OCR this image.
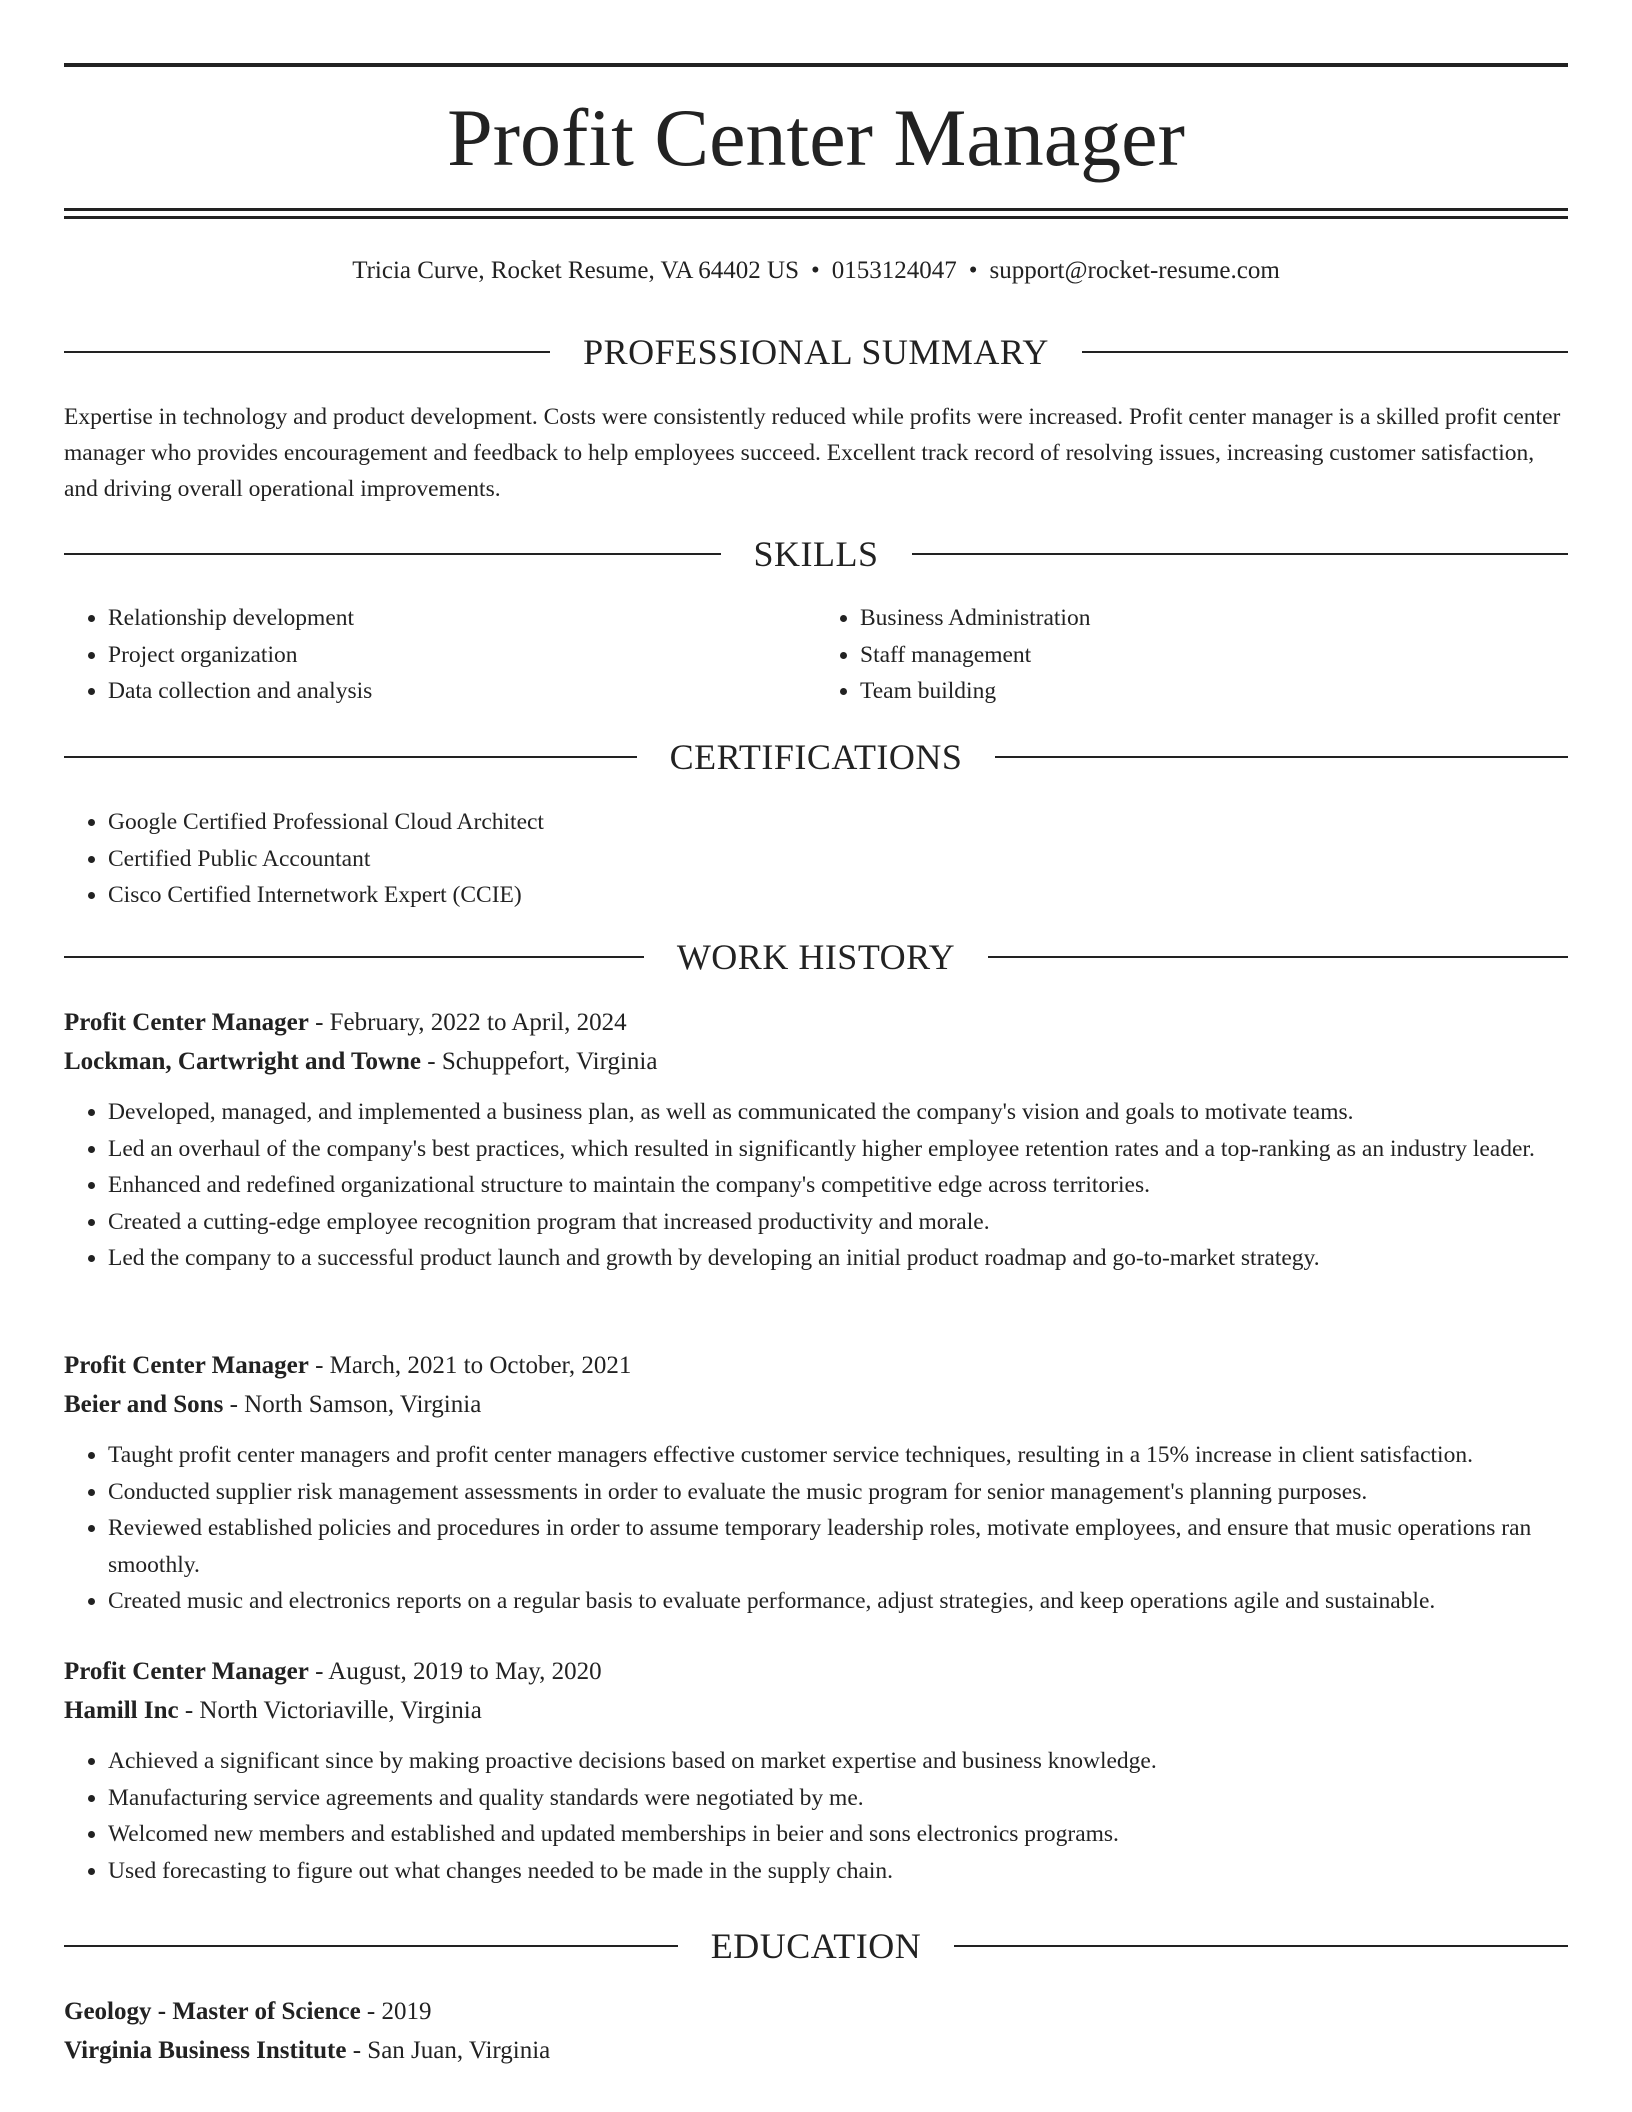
Profit Center Manager
Tricia Curve, Rocket Resume, VA 64402 US • 0153124047 • support@rocket-resume.com
PROFESSIONAL SUMMARY

Expertise in technology and product development. Costs were consistently reduced while profits were increased. Profit center manager is a skilled profit center manager who provides encouragement and feedback to help employees succeed. Excellent track record of resolving issues, increasing customer satisfaction, and driving overall operational improvements.

SKILLS
• Relationship development
• Project organization
• Data collection and analysis
• Business Administration
• Staff management
• Team building
CERTIFICATIONS
• Google Certified Professional Cloud Architect
• Certified Public Accountant
• Cisco Certified Internetwork Expert (CCIE)
WORK HISTORY
Profit Center Manager - February, 2022 to April, 2024
Lockman, Cartwright and Towne - Schuppefort, Virginia
• Developed, managed, and implemented a business plan, as well as communicated the company's vision and goals to motivate teams.
• Led an overhaul of the company's best practices, which resulted in significantly higher employee retention rates and a top-ranking as an industry leader.
• Enhanced and redefined organizational structure to maintain the company's competitive edge across territories.
• Created a cutting-edge employee recognition program that increased productivity and morale.
• Led the company to a successful product launch and growth by developing an initial product roadmap and go-to-market strategy.
Profit Center Manager - March, 2021 to October, 2021
Beier and Sons - North Samson, Virginia
• Taught profit center managers and profit center managers effective customer service techniques, resulting in a 15% increase in client satisfaction.
• Conducted supplier risk management assessments in order to evaluate the music program for senior management's planning purposes.
• Reviewed established policies and procedures in order to assume temporary leadership roles, motivate employees, and ensure that music operations ran smoothly.
• Created music and electronics reports on a regular basis to evaluate performance, adjust strategies, and keep operations agile and sustainable.
Profit Center Manager - August, 2019 to May, 2020
Hamill Inc - North Victoriaville, Virginia
• Achieved a significant since by making proactive decisions based on market expertise and business knowledge.
• Manufacturing service agreements and quality standards were negotiated by me.
• Welcomed new members and established and updated memberships in beier and sons electronics programs.
• Used forecasting to figure out what changes needed to be made in the supply chain.
EDUCATION
Geology - Master of Science - 2019
Virginia Business Institute - San Juan, Virginia
